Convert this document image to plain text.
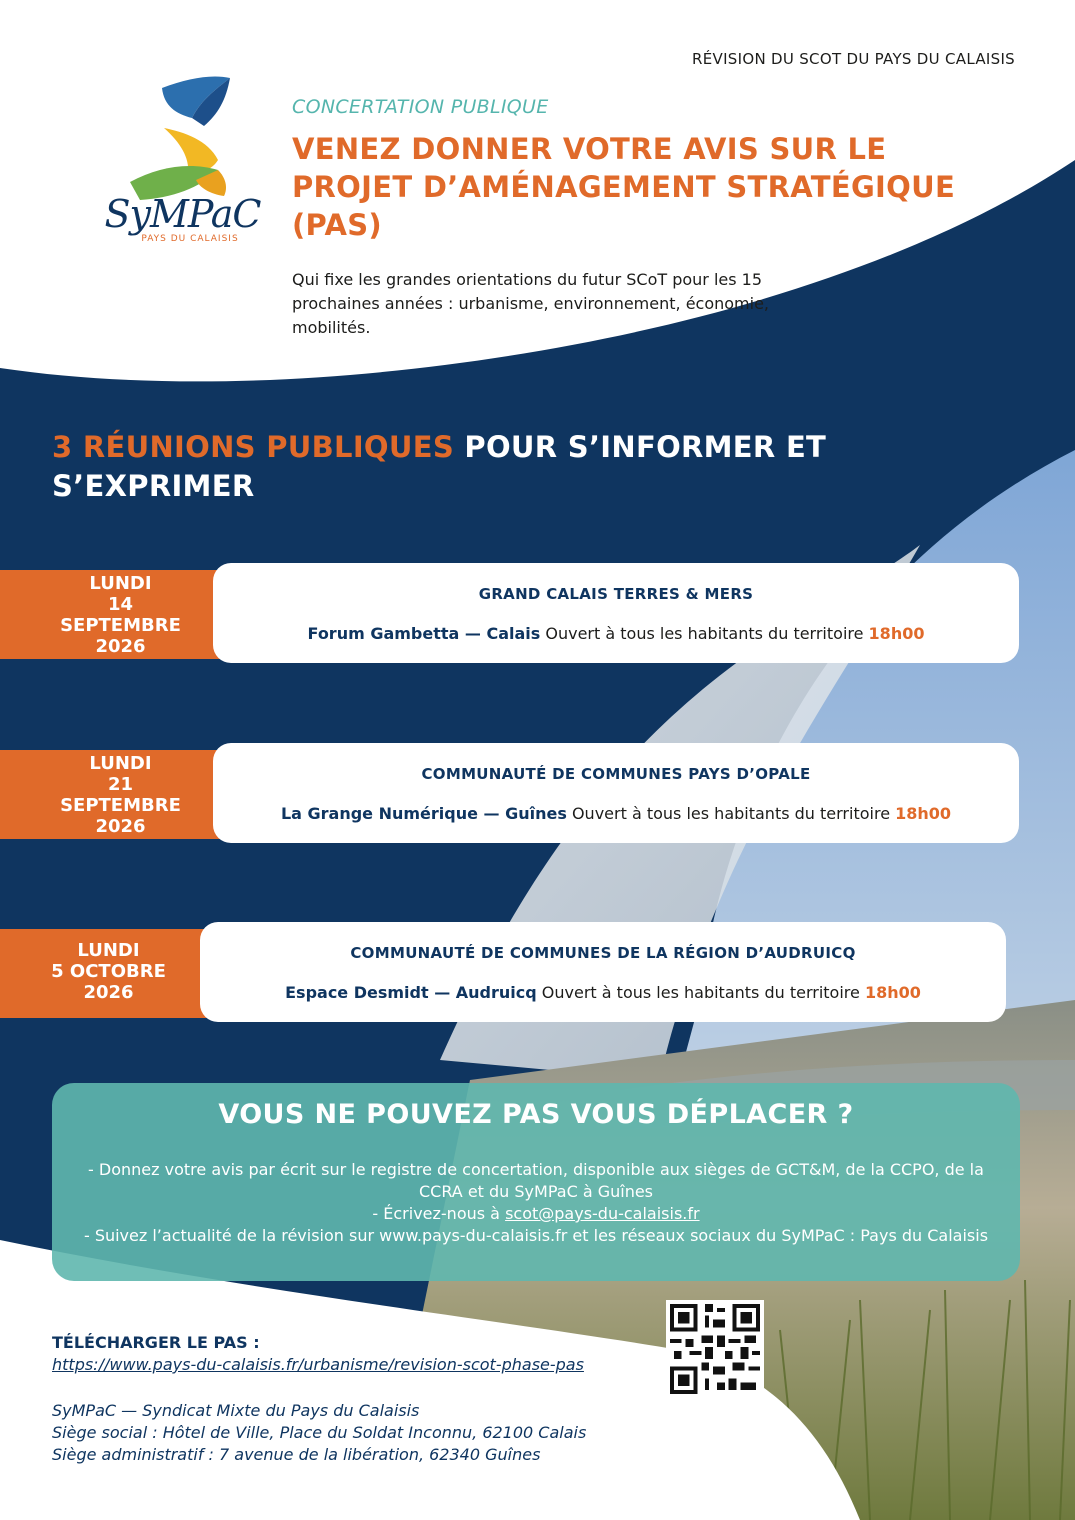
RÉVISION DU SCOT DU PAYS DU CALAISIS
SyMPaC
PAYS DU CALAISIS
CONCERTATION PUBLIQUE
VENEZ DONNER VOTRE AVIS SUR LE PROJET D’AMÉNAGEMENT STRATÉGIQUE (PAS)
Qui fixe les grandes orientations du futur SCoT pour les 15 prochaines années : urbanisme, environnement, économie, mobilités.
3 RÉUNIONS PUBLIQUES POUR S’INFORMER ET S’EXPRIMER
LUNDI
14
SEPTEMBRE
2026
GRAND CALAIS TERRES & MERS
Forum Gambetta — Calais Ouvert à tous les habitants du territoire 18h00
LUNDI
21
SEPTEMBRE
2026
COMMUNAUTÉ DE COMMUNES PAYS D’OPALE
La Grange Numérique — Guînes Ouvert à tous les habitants du territoire 18h00
LUNDI
5 OCTOBRE
2026
COMMUNAUTÉ DE COMMUNES DE LA RÉGION D’AUDRUICQ
Espace Desmidt — Audruicq Ouvert à tous les habitants du territoire 18h00
VOUS NE POUVEZ PAS VOUS DÉPLACER ?
- Donnez votre avis par écrit sur le registre de concertation, disponible aux sièges de GCT&M, de la CCPO, de la CCRA et du SyMPaC à Guînes
- Écrivez-nous à scot@pays-du-calaisis.fr
- Suivez l’actualité de la révision sur www.pays-du-calaisis.fr et les réseaux sociaux du SyMPaC : Pays du Calaisis
TÉLÉCHARGER LE PAS :
https://www.pays-du-calaisis.fr/urbanisme/revision-scot-phase-pas
SyMPaC — Syndicat Mixte du Pays du Calaisis
Siège social : Hôtel de Ville, Place du Soldat Inconnu, 62100 Calais
Siège administratif : 7 avenue de la libération, 62340 Guînes
